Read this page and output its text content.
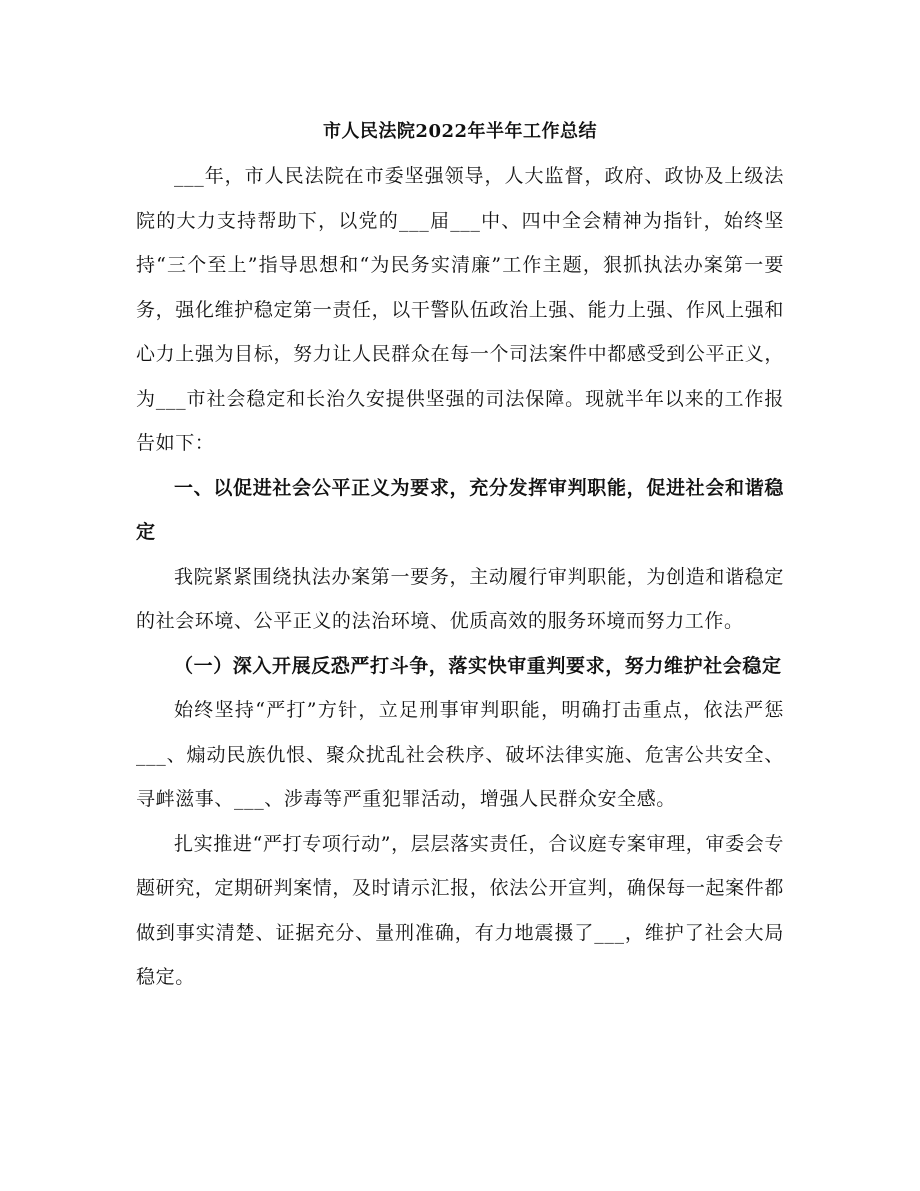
市人民法院2022年半年工作总结

___年，市人民法院在市委坚强领导，人大监督，政府、政协及上级法院的大力支持帮助下，以党的___届___中、四中全会精神为指针，始终坚持“三个至上”指导思想和“为民务实清廉”工作主题，狠抓执法办案第一要务，强化维护稳定第一责任，以干警队伍政治上强、能力上强、作风上强和心力上强为目标，努力让人民群众在每一个司法案件中都感受到公平正义，为___市社会稳定和长治久安提供坚强的司法保障。现就半年以来的工作报告如下：

一、以促进社会公平正义为要求，充分发挥审判职能，促进社会和谐稳定

我院紧紧围绕执法办案第一要务，主动履行审判职能，为创造和谐稳定的社会环境、公平正义的法治环境、优质高效的服务环境而努力工作。

（一）深入开展反恐严打斗争，落实快审重判要求，努力维护社会稳定

始终坚持“严打”方针，立足刑事审判职能，明确打击重点，依法严惩___、煽动民族仇恨、聚众扰乱社会秩序、破坏法律实施、危害公共安全、寻衅滋事、___、涉毒等严重犯罪活动，增强人民群众安全感。

扎实推进“严打专项行动”，层层落实责任，合议庭专案审理，审委会专题研究，定期研判案情，及时请示汇报，依法公开宣判，确保每一起案件都做到事实清楚、证据充分、量刑准确，有力地震摄了___，维护了社会大局稳定。
